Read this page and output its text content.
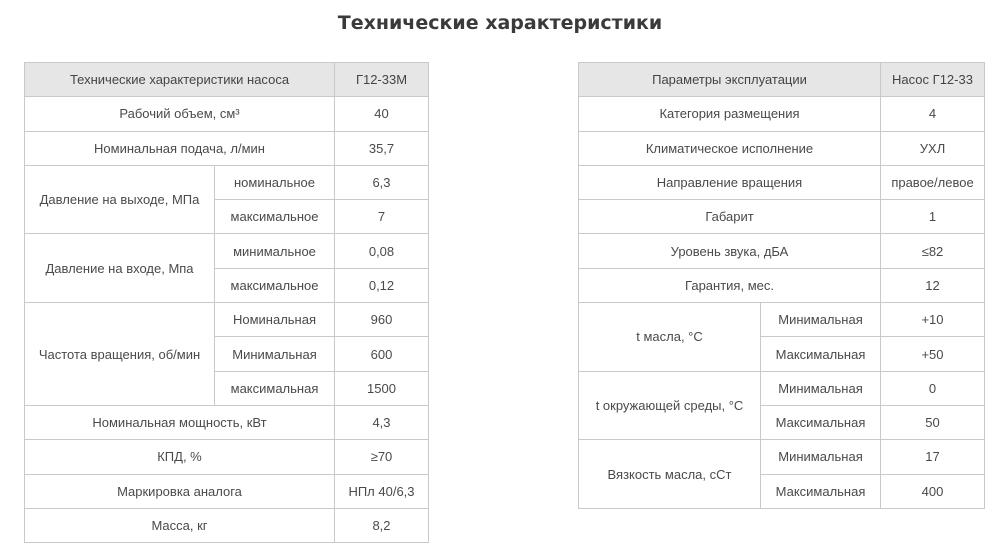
Технические характеристики
Технические характеристики насоса		Г12-33М
Рабочий объем, см³		40
Номинальная подача, л/мин		35,7
Давление на выходе, МПа	номинальное	6,3
	максимальное	7
Давление на входе, Мпа	минимальное	0,08
	максимальное	0,12
Частота вращения, об/мин	Номинальная	960
	Минимальная	600
	максимальная	1500
Номинальная мощность, кВт		4,3
КПД, %		≥70
Маркировка аналога		НПл 40/6,3
Масса, кг		8,2
Параметры эксплуатации		Насос Г12-33
Категория размещения		4
Климатическое исполнение		УХЛ
Направление вращения		правое/левое
Габарит		1
Уровень звука, дБА		≤82
Гарантия, мес.		12
t масла, °С	Минимальная	+10
	Максимальная	+50
t окружающей среды, °С	Минимальная	0
	Максимальная	50
Вязкость масла, сСт	Минимальная	17
	Максимальная	400
